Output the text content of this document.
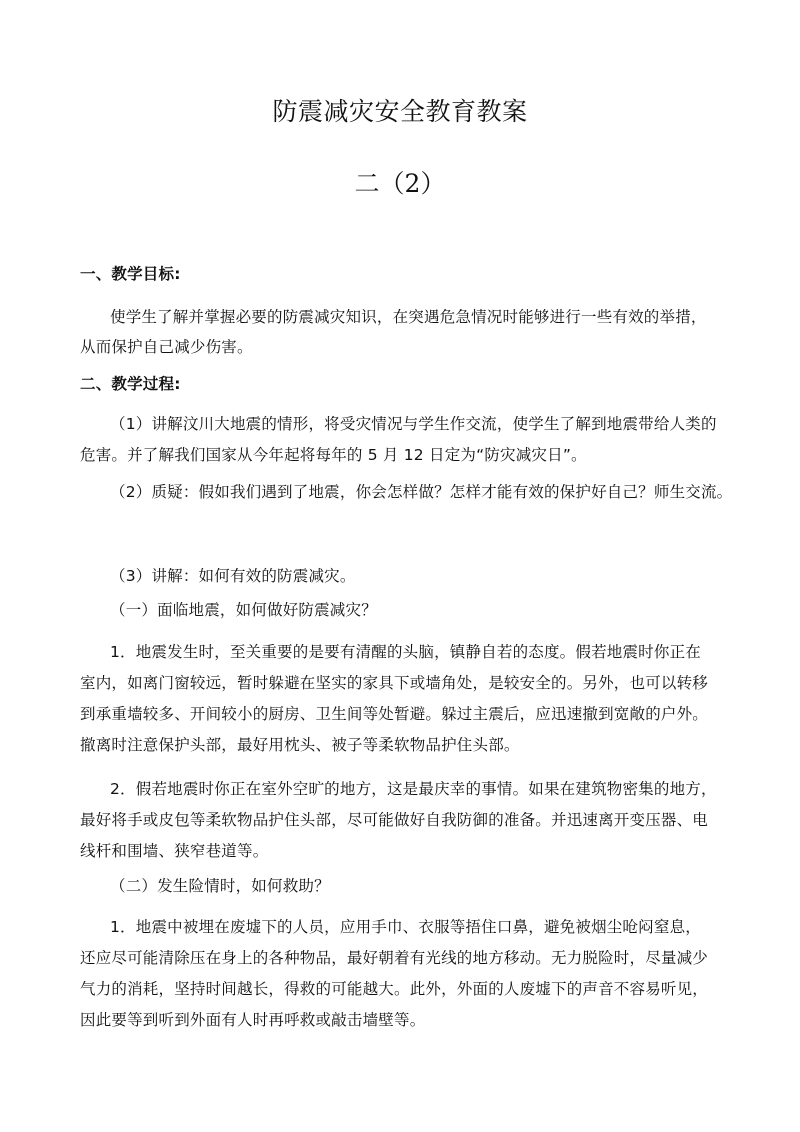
防震减灾安全教育教案
二（2）

一、教学目标:

使学生了解并掌握必要的防震减灾知识，在突遇危急情况时能够进行一些有效的举措，

从而保护自己减少伤害。

二、教学过程:

（1）讲解汶川大地震的情形，将受灾情况与学生作交流，使学生了解到地震带给人类的

危害。并了解我们国家从今年起将每年的 5 月 12 日定为“防灾减灾日”。

（2）质疑：假如我们遇到了地震，你会怎样做？怎样才能有效的保护好自己？师生交流。

（3）讲解：如何有效的防震减灾。

（一）面临地震，如何做好防震减灾？

1．地震发生时，至关重要的是要有清醒的头脑，镇静自若的态度。假若地震时你正在

室内，如离门窗较远，暂时躲避在坚实的家具下或墙角处，是较安全的。另外，也可以转移

到承重墙较多、开间较小的厨房、卫生间等处暂避。躲过主震后，应迅速撤到宽敞的户外。

撤离时注意保护头部，最好用枕头、被子等柔软物品护住头部。

2．假若地震时你正在室外空旷的地方，这是最庆幸的事情。如果在建筑物密集的地方，

最好将手或皮包等柔软物品护住头部，尽可能做好自我防御的准备。并迅速离开变压器、电

线杆和围墙、狭窄巷道等。

（二）发生险情时，如何救助？

1．地震中被埋在废墟下的人员，应用手巾、衣服等捂住口鼻，避免被烟尘呛闷窒息，

还应尽可能清除压在身上的各种物品，最好朝着有光线的地方移动。无力脱险时，尽量减少

气力的消耗，坚持时间越长，得救的可能越大。此外，外面的人废墟下的声音不容易听见，

因此要等到听到外面有人时再呼救或敲击墙壁等。
